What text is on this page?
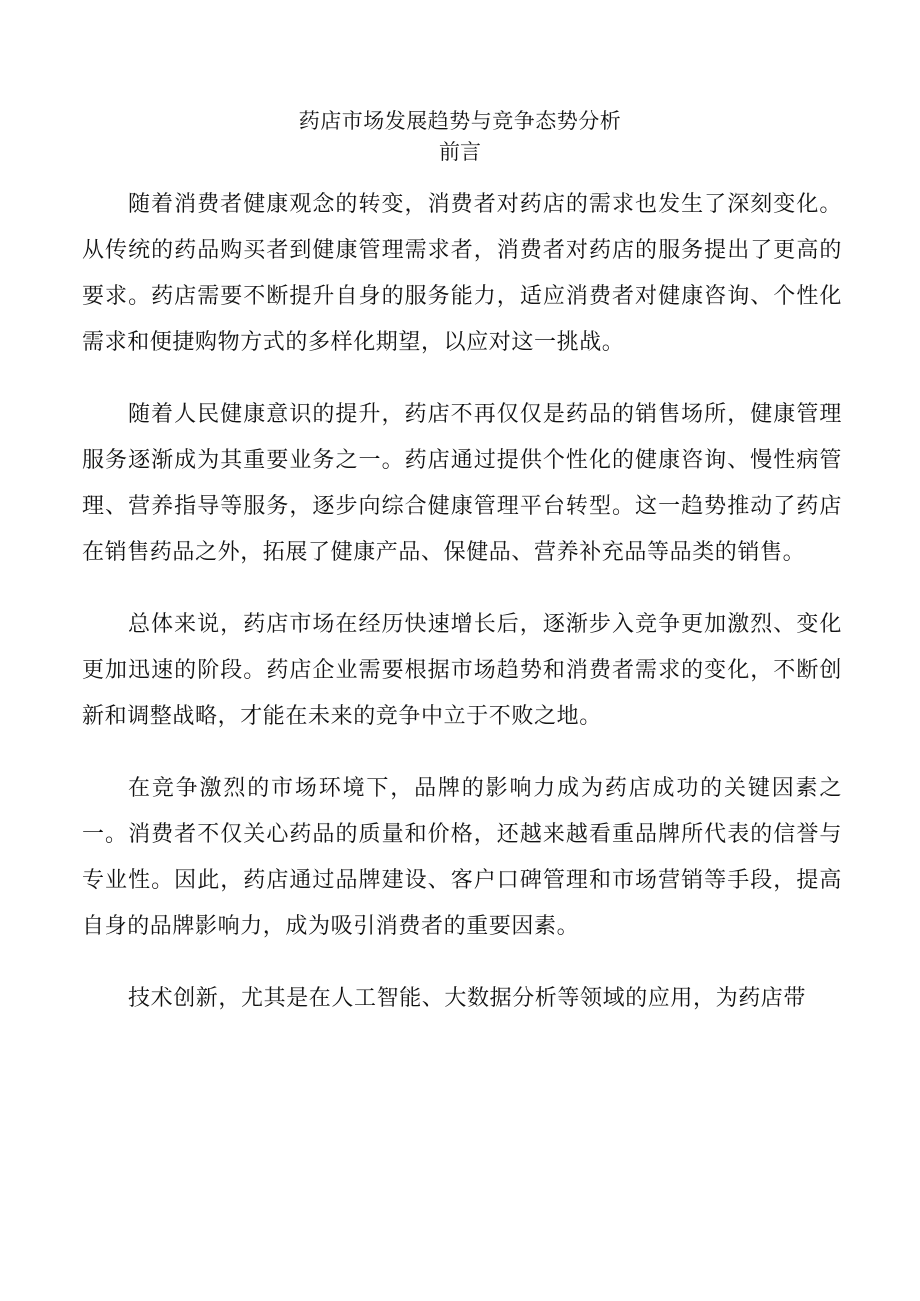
药店市场发展趋势与竞争态势分析
前言

随着消费者健康观念的转变，消费者对药店的需求也发生了深刻变化。从传统的药品购买者到健康管理需求者，消费者对药店的服务提出了更高的要求。药店需要不断提升自身的服务能力，适应消费者对健康咨询、个性化需求和便捷购物方式的多样化期望，以应对这一挑战。

随着人民健康意识的提升，药店不再仅仅是药品的销售场所，健康管理服务逐渐成为其重要业务之一。药店通过提供个性化的健康咨询、慢性病管理、营养指导等服务，逐步向综合健康管理平台转型。这一趋势推动了药店在销售药品之外，拓展了健康产品、保健品、营养补充品等品类的销售。

总体来说，药店市场在经历快速增长后，逐渐步入竞争更加激烈、变化更加迅速的阶段。药店企业需要根据市场趋势和消费者需求的变化，不断创新和调整战略，才能在未来的竞争中立于不败之地。

在竞争激烈的市场环境下，品牌的影响力成为药店成功的关键因素之一。消费者不仅关心药品的质量和价格，还越来越看重品牌所代表的信誉与专业性。因此，药店通过品牌建设、客户口碑管理和市场营销等手段，提高自身的品牌影响力，成为吸引消费者的重要因素。

技术创新，尤其是在人工智能、大数据分析等领域的应用，为药店带
